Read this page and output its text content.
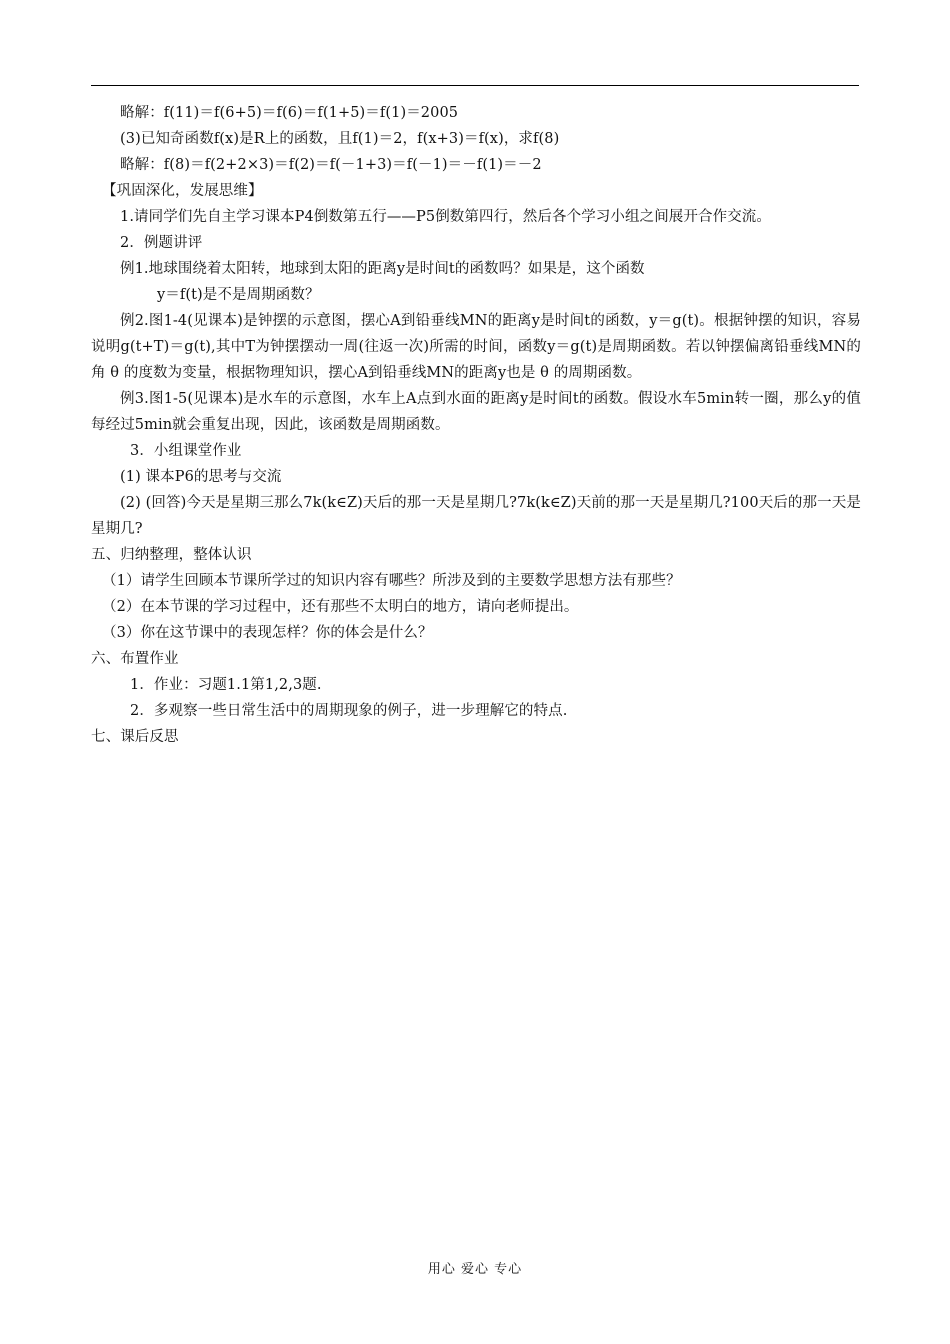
略解：f(11)＝f(6+5)＝f(6)＝f(1+5)＝f(1)＝2005

(3)已知奇函数f(x)是R上的函数，且f(1)＝2，f(x+3)＝f(x)，求f(8)

略解：f(8)＝f(2+2×3)＝f(2)＝f(－1+3)＝f(－1)＝－f(1)＝－2

【巩固深化，发展思维】

1.请同学们先自主学习课本P4倒数第五行——P5倒数第四行，然后各个学习小组之间展开合作交流。

2．例题讲评

例1.地球围绕着太阳转，地球到太阳的距离y是时间t的函数吗？如果是，这个函数

y＝f(t)是不是周期函数？

例2.图1-4(见课本)是钟摆的示意图，摆心A到铅垂线MN的距离y是时间t的函数，y＝g(t)。根据钟摆的知识，容易说明g(t+T)＝g(t),其中T为钟摆摆动一周(往返一次)所需的时间，函数y＝g(t)是周期函数。若以钟摆偏离铅垂线MN的角 θ 的度数为变量，根据物理知识，摆心A到铅垂线MN的距离y也是 θ 的周期函数。

例3.图1-5(见课本)是水车的示意图，水车上A点到水面的距离y是时间t的函数。假设水车5min转一圈，那么y的值每经过5min就会重复出现，因此，该函数是周期函数。

3．小组课堂作业

(1) 课本P6的思考与交流

(2) (回答)今天是星期三那么7k(k∈Z)天后的那一天是星期几?7k(k∈Z)天前的那一天是星期几?100天后的那一天是星期几?

五、归纳整理，整体认识

（1）请学生回顾本节课所学过的知识内容有哪些？所涉及到的主要数学思想方法有那些？

（2）在本节课的学习过程中，还有那些不太明白的地方，请向老师提出。

（3）你在这节课中的表现怎样？你的体会是什么？

六、布置作业

1．作业：习题1.1第1,2,3题.

2．多观察一些日常生活中的周期现象的例子，进一步理解它的特点.

七、课后反思

用心 爱心 专心
